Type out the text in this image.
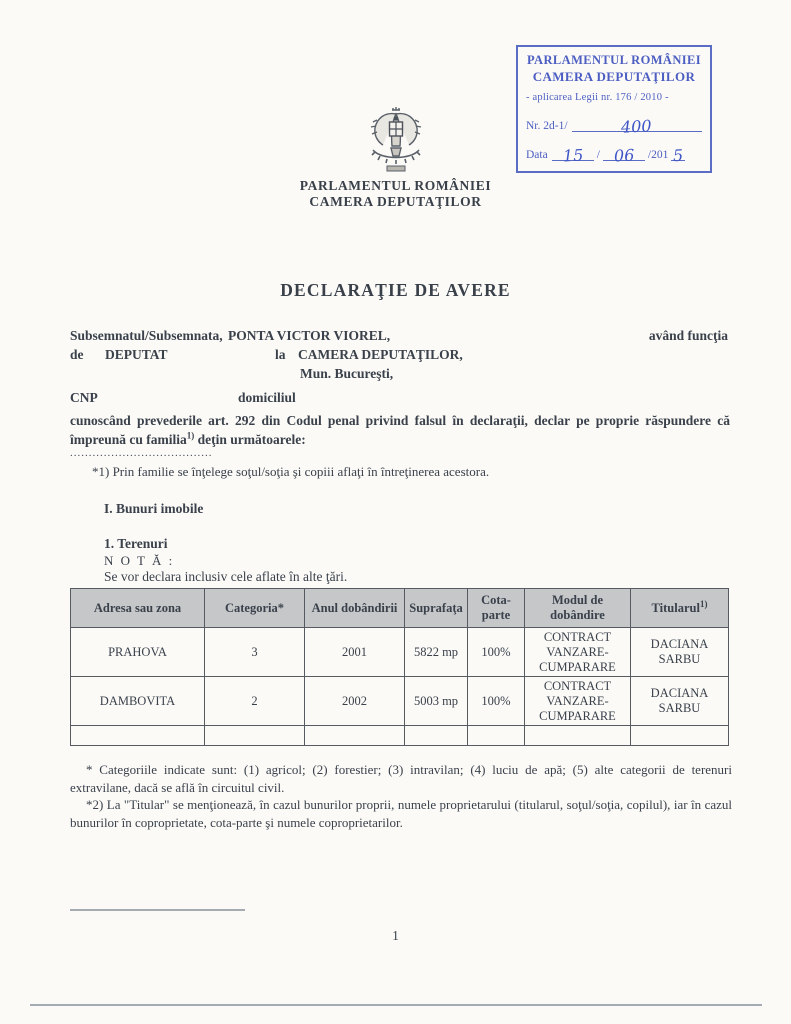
PARLAMENTUL ROMÂNIEI
CAMERA DEPUTAŢILOR
- aplicarea Legii nr. 176 / 2010 -
Nr. 2d-1/	400
Data 15	/ 06	/201 5
PARLAMENTUL ROMÂNIEI
CAMERA DEPUTAŢILOR
DECLARAŢIE DE AVERE
Subsemnatul/Subsemnata, PONTA VICTOR VIOREL,	având funcţia
de DEPUTAT	la CAMERA DEPUTAŢILOR,
Mun. Bucureşti,
CNP	domiciliul

cunoscând prevederile art. 292 din Codul penal privind falsul în declaraţii, declar pe proprie răspundere că împreună cu familia$^{1)}$ deţin următoarele:

......................................

*1) Prin familie se înţelege soţul/soţia şi copiii aflaţi în întreţinerea acestora.

I. Bunuri imobile
1. Terenuri
N O T Ă :
Se vor declara inclusiv cele aflate în alte ţări.
Adresa sau zona	Categoria*	Anul dobândirii	Suprafaţa	Cota-parte	Modul de dobândire	Titularul$^{1)}$
PRAHOVA	3	2001	5822 mp	100%	CONTRACT VANZARE-CUMPARARE	DACIANA SARBU
DAMBOVITA	2	2002	5003 mp	100%	CONTRACT VANZARE-CUMPARARE	DACIANA SARBU

* Categoriile indicate sunt: (1) agricol; (2) forestier; (3) intravilan; (4) luciu de apă; (5) alte categorii de terenuri extravilane, dacă se află în circuitul civil.

*2) La "Titular" se menţionează, în cazul bunurilor proprii, numele proprietarului (titularul, soţul/soţia, copilul), iar în cazul bunurilor în coproprietate, cota-parte şi numele coproprietarilor.

1
